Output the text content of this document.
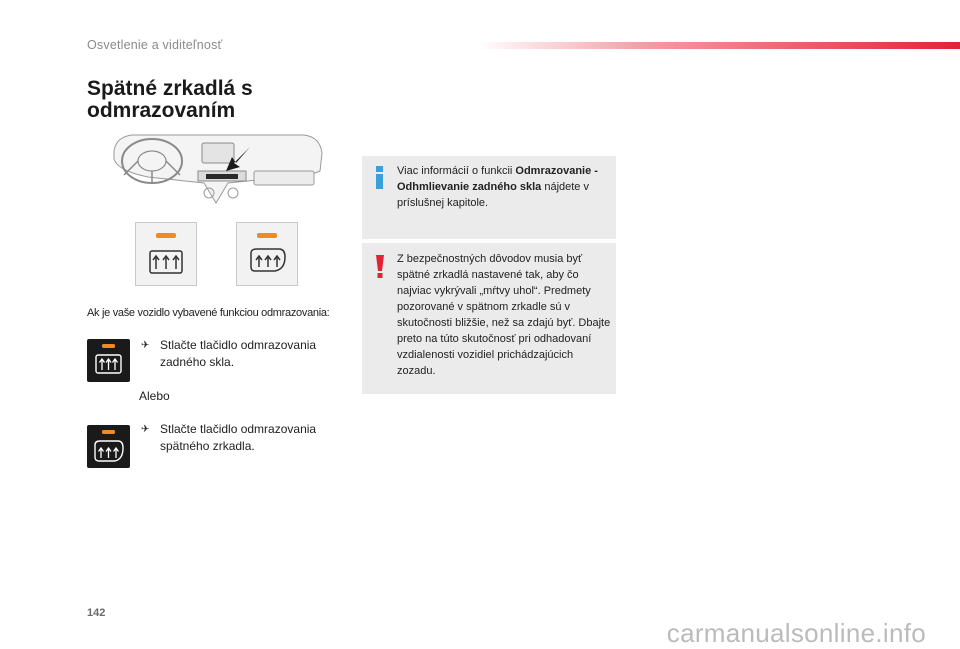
Osvetlenie a viditeľnosť
Spätné zrkadlá s odmrazovaním
Ak je vaše vozidlo vybavené funkciou odmrazovania:
✈ Stlačte tlačidlo odmrazovania zadného skla.
Alebo
✈ Stlačte tlačidlo odmrazovania spätného zrkadla.
Viac informácií o funkcii Odmrazovanie - Odhmlievanie zadného skla nájdete v príslušnej kapitole.
Z bezpečnostných dôvodov musia byť spätné zrkadlá nastavené tak, aby čo najviac vykrývali „mŕtvy uhol“. Predmety pozorované v spätnom zrkadle sú v skutočnosti bližšie, než sa zdajú byť. Dbajte preto na túto skutočnosť pri odhadovaní vzdialenosti vozidiel prichádzajúcich zozadu.
142
carmanualsonline.info
